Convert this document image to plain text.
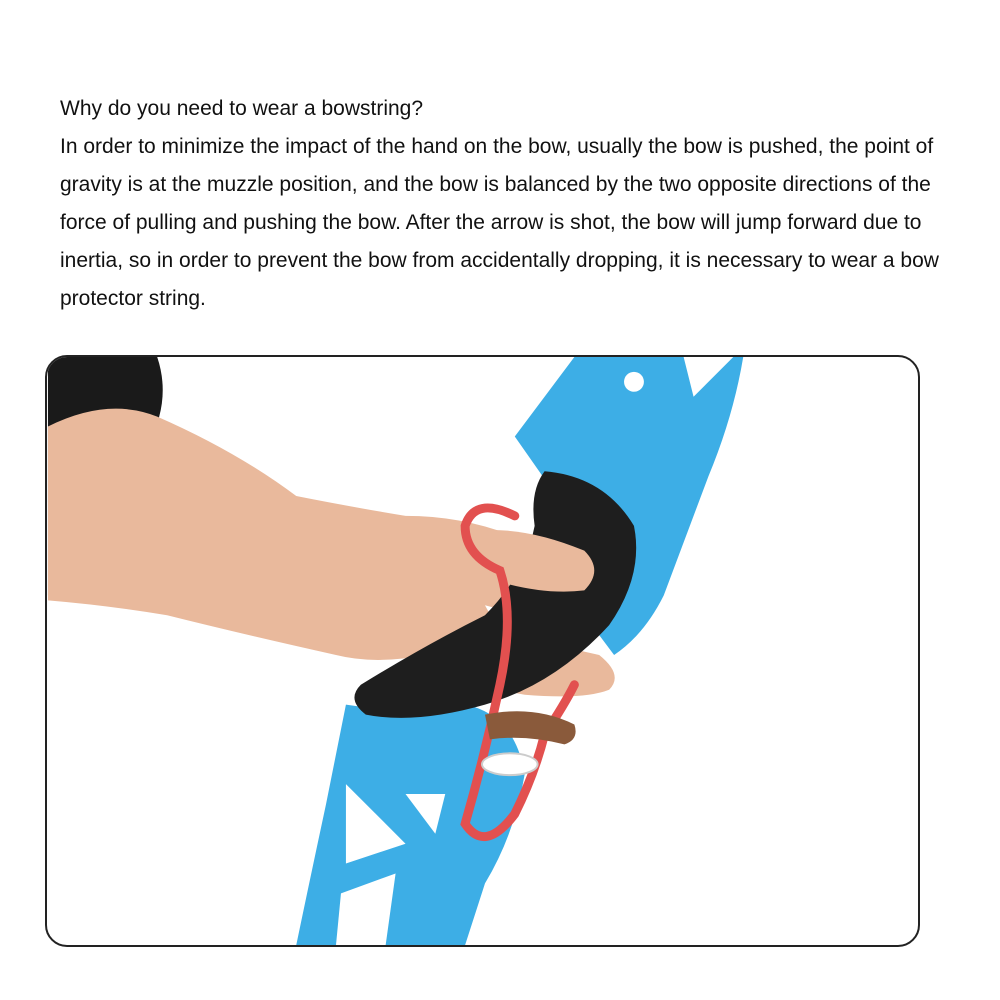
Why do you need to wear a bowstring?

In order to minimize the impact of the hand on the bow, usually the bow is pushed, the point of gravity is at the muzzle position, and the bow is balanced by the two opposite directions of the force of pulling and pushing the bow. After the arrow is shot, the bow will jump forward due to inertia, so in order to prevent the bow from accidentally dropping, it is necessary to wear a bow protector string.
